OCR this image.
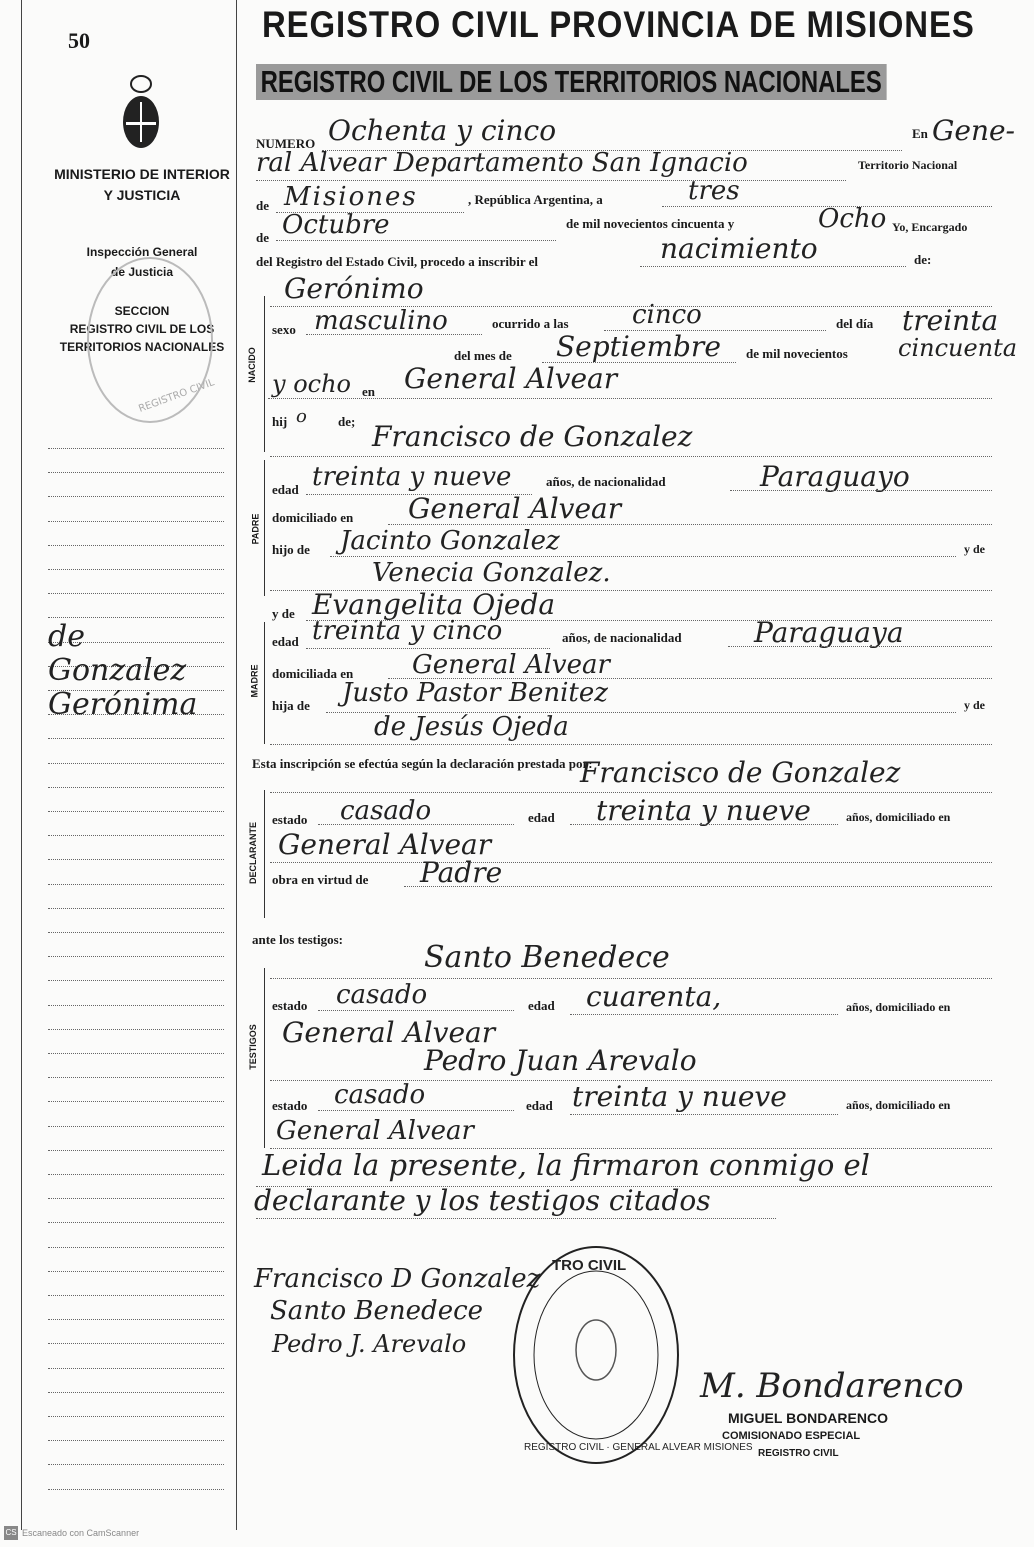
50
MINISTERIO DE INTERIOR
Y JUSTICIA
Inspección General
de Justicia
SECCION
REGISTRO CIVIL DE LOS
TERRITORIOS NACIONALES
REGISTRO CIVIL
de
Gonzalez
Gerónima
REGISTRO CIVIL PROVINCIA DE MISIONES
REGISTRO CIVIL DE LOS TERRITORIOS NACIONALES
NUMERO Ochenta y cinco	En Gene-
ral Alvear Departamento San Ignacio	Territorio Nacional
de Misiones	, República Argentina, a	tres
de Octubre	de mil novecientos cincuenta y	Ocho Yo, Encargado
del Registro del Estado Civil, procedo a inscribir el	nacimiento	de:
NACIDO
Gerónimo
sexo masculino	ocurrido a las cinco	del día treinta
del mes de Septiembre de mil novecientos cincuenta
y ocho en General Alvear
hij o de;
PADRE
Francisco de Gonzalez
edad treinta y nueve	años, de nacionalidad	Paraguayo
domiciliado en General Alvear
hijo de Jacinto Gonzalez	y de
Venecia Gonzalez.
y de Evangelita Ojeda
MADRE
edad treinta y cinco	años, de nacionalidad	Paraguaya
domiciliada en General Alvear
hija de Justo Pastor Benitez	y de
de Jesús Ojeda
Esta inscripción se efectúa según la declaración prestada por:
Francisco de Gonzalez
DECLARANTE
estado casado	edad treinta y nueve	años, domiciliado en
General Alvear
obra en virtud de Padre
ante los testigos:
Santo Benedece
TESTIGOS
estado casado	edad cuarenta,	años, domiciliado en
General Alvear
Pedro Juan Arevalo
estado casado	edad treinta y nueve	años, domiciliado en
General Alvear
Leida la presente, la firmaron conmigo el
declarante y los testigos citados
TRO CIVIL
REGISTRO CIVIL · GENERAL ALVEAR MISIONES
Francisco D Gonzalez
Santo Benedece
Pedro J. Arevalo
M. Bondarenco
MIGUEL BONDARENCO
COMISIONADO ESPECIAL
REGISTRO CIVIL
CS Escaneado con CamScanner
